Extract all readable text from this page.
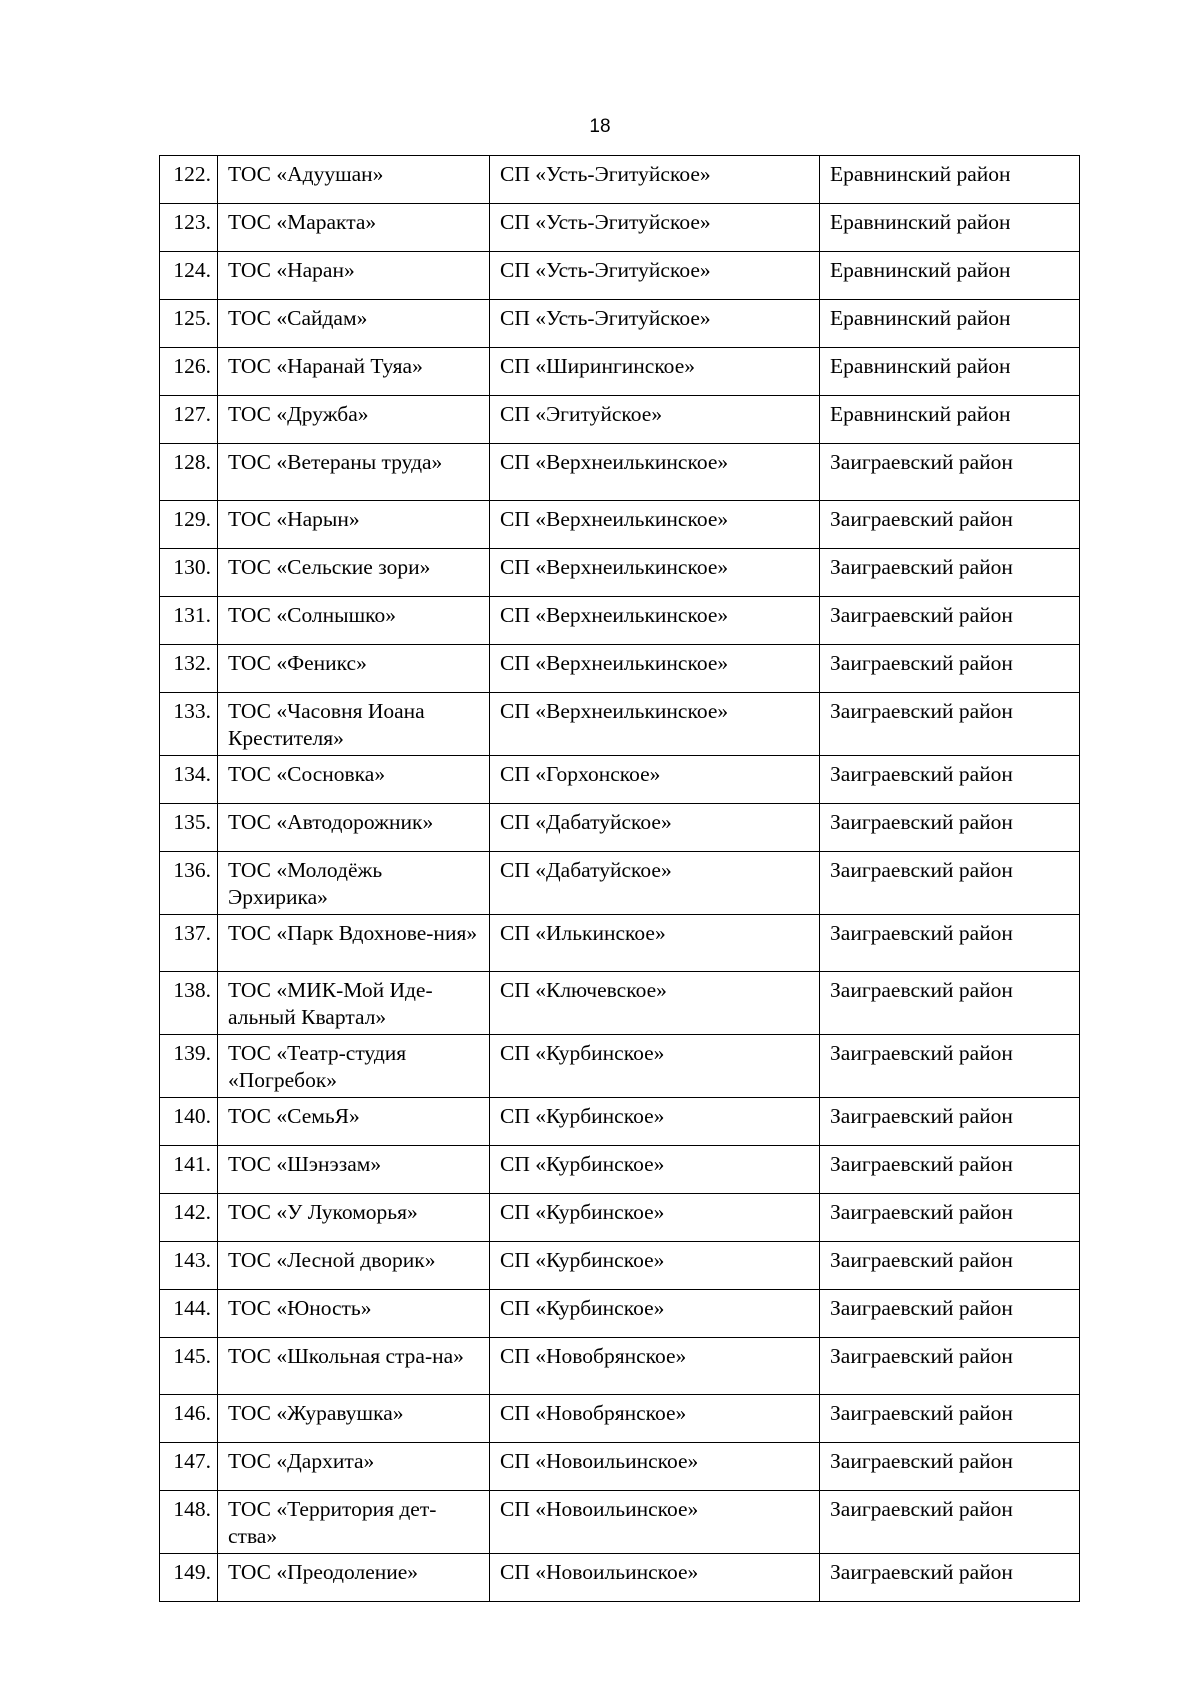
18
122.	ТОС «Адуушан»	СП «Усть-Эгитуйское»	Еравнинский район
123.	ТОС «Маракта»	СП «Усть-Эгитуйское»	Еравнинский район
124.	ТОС «Наран»	СП «Усть-Эгитуйское»	Еравнинский район
125.	ТОС «Сайдам»	СП «Усть-Эгитуйское»	Еравнинский район
126.	ТОС «Наранай Туяа»	СП «Ширингинское»	Еравнинский район
127.	ТОС «Дружба»	СП «Эгитуйское»	Еравнинский район
128.	ТОС «Ветераны труда»	СП «Верхнеилькинское»	Заиграевский район
129.	ТОС «Нарын»	СП «Верхнеилькинское»	Заиграевский район
130.	ТОС «Сельские зори»	СП «Верхнеилькинское»	Заиграевский район
131.	ТОС «Солнышко»	СП «Верхнеилькинское»	Заиграевский район
132.	ТОС «Феникс»	СП «Верхнеилькинское»	Заиграевский район
133.	ТОС «Часовня Иоана Крестителя»	СП «Верхнеилькинское»	Заиграевский район
134.	ТОС «Сосновка»	СП «Горхонское»	Заиграевский район
135.	ТОС «Автодорожник»	СП «Дабатуйское»	Заиграевский район
136.	ТОС «Молодёжь Эрхирика»	СП «Дабатуйское»	Заиграевский район
137.	ТОС «Парк Вдохнове-ния»	СП «Илькинское»	Заиграевский район
138.	ТОС «МИК-Мой Иде-альный Квартал»	СП «Ключевское»	Заиграевский район
139.	ТОС «Театр-студия «Погребок»	СП «Курбинское»	Заиграевский район
140.	ТОС «СемьЯ»	СП «Курбинское»	Заиграевский район
141.	ТОС «Шэнэзам»	СП «Курбинское»	Заиграевский район
142.	ТОС «У Лукоморья»	СП «Курбинское»	Заиграевский район
143.	ТОС «Лесной дворик»	СП «Курбинское»	Заиграевский район
144.	ТОС «Юность»	СП «Курбинское»	Заиграевский район
145.	ТОС «Школьная стра-на»	СП «Новобрянское»	Заиграевский район
146.	ТОС «Журавушка»	СП «Новобрянское»	Заиграевский район
147.	ТОС «Дархита»	СП «Новоильинское»	Заиграевский район
148.	ТОС «Территория дет-ства»	СП «Новоильинское»	Заиграевский район
149.	ТОС «Преодоление»	СП «Новоильинское»	Заиграевский район
